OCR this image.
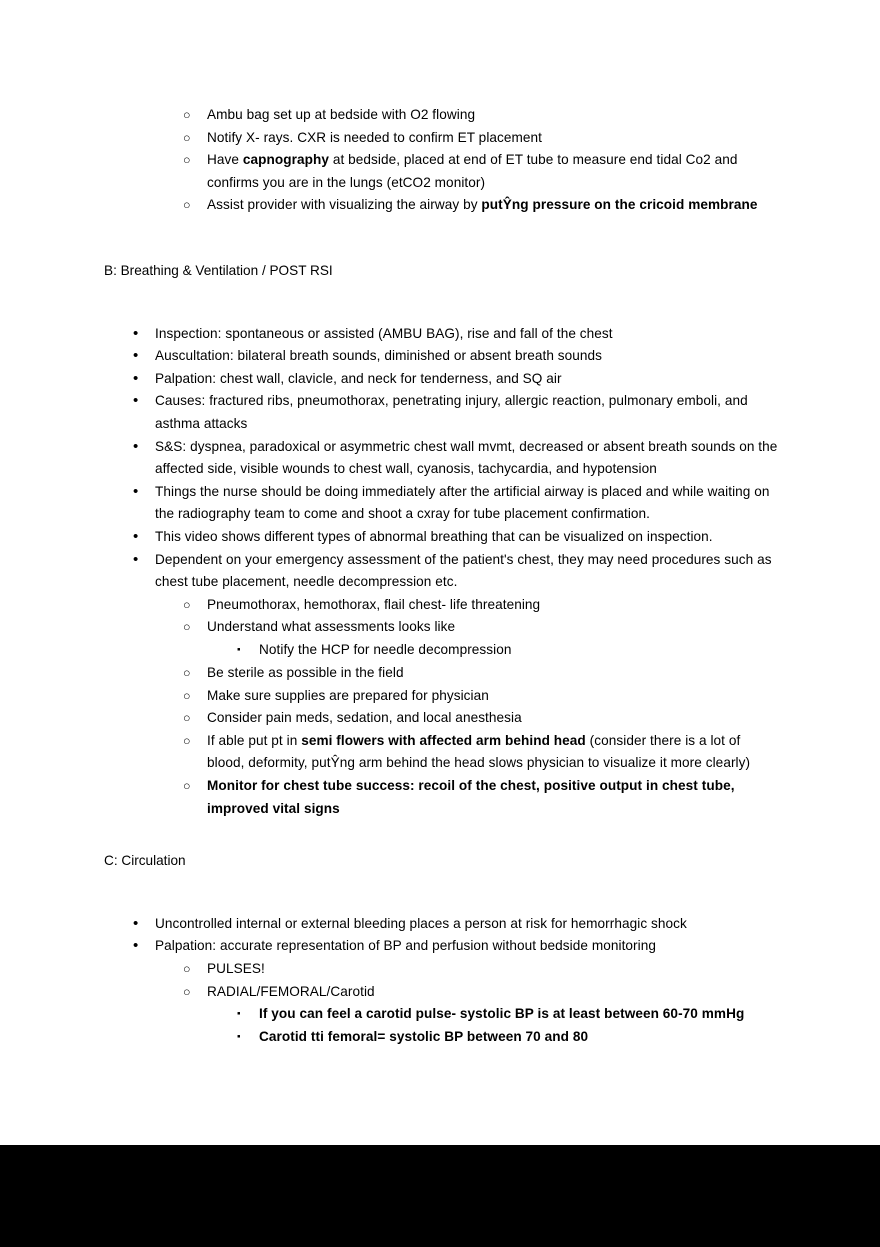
○	Ambu bag set up at bedside with O2 flowing
○	Notify X- rays. CXR is needed to confirm ET placement
○	Have capnography at bedside, placed at end of ET tube to measure end tidal Co2 and confirms you are in the lungs (etCO2 monitor)
○	Assist provider with visualizing the airway by putŶng pressure on the cricoid membrane
B: Breathing & Ventilation / POST RSI
•	Inspection: spontaneous or assisted (AMBU BAG), rise and fall of the chest
•	Auscultation: bilateral breath sounds, diminished or absent breath sounds
•	Palpation: chest wall, clavicle, and neck for tenderness, and SQ air
•	Causes: fractured ribs, pneumothorax, penetrating injury, allergic reaction, pulmonary emboli, and asthma attacks
•	S&S: dyspnea, paradoxical or asymmetric chest wall mvmt, decreased or absent breath sounds on the affected side, visible wounds to chest wall, cyanosis, tachycardia, and hypotension
•	Things the nurse should be doing immediately after the artificial airway is placed and while waiting on the radiography team to come and shoot a cxray for tube placement confirmation.
•	This video shows different types of abnormal breathing that can be visualized on inspection.
•	Dependent on your emergency assessment of the patient's chest, they may need procedures such as chest tube placement, needle decompression etc.
○	Pneumothorax, hemothorax, flail chest- life threatening
○	Understand what assessments looks like
▪	Notify the HCP for needle decompression
○	Be sterile as possible in the field
○	Make sure supplies are prepared for physician
○	Consider pain meds, sedation, and local anesthesia
○	If able put pt in semi flowers with affected arm behind head (consider there is a lot of blood, deformity, putŶng arm behind the head slows physician to visualize it more clearly)
○	Monitor for chest tube success: recoil of the chest, positive output in chest tube, improved vital signs
C: Circulation
•	Uncontrolled internal or external bleeding places a person at risk for hemorrhagic shock
•	Palpation: accurate representation of BP and perfusion without bedside monitoring
○	PULSES!
○	RADIAL/FEMORAL/Carotid
▪	If you can feel a carotid pulse- systolic BP is at least between 60-70 mmHg
▪	Carotid tti femoral= systolic BP between 70 and 80
